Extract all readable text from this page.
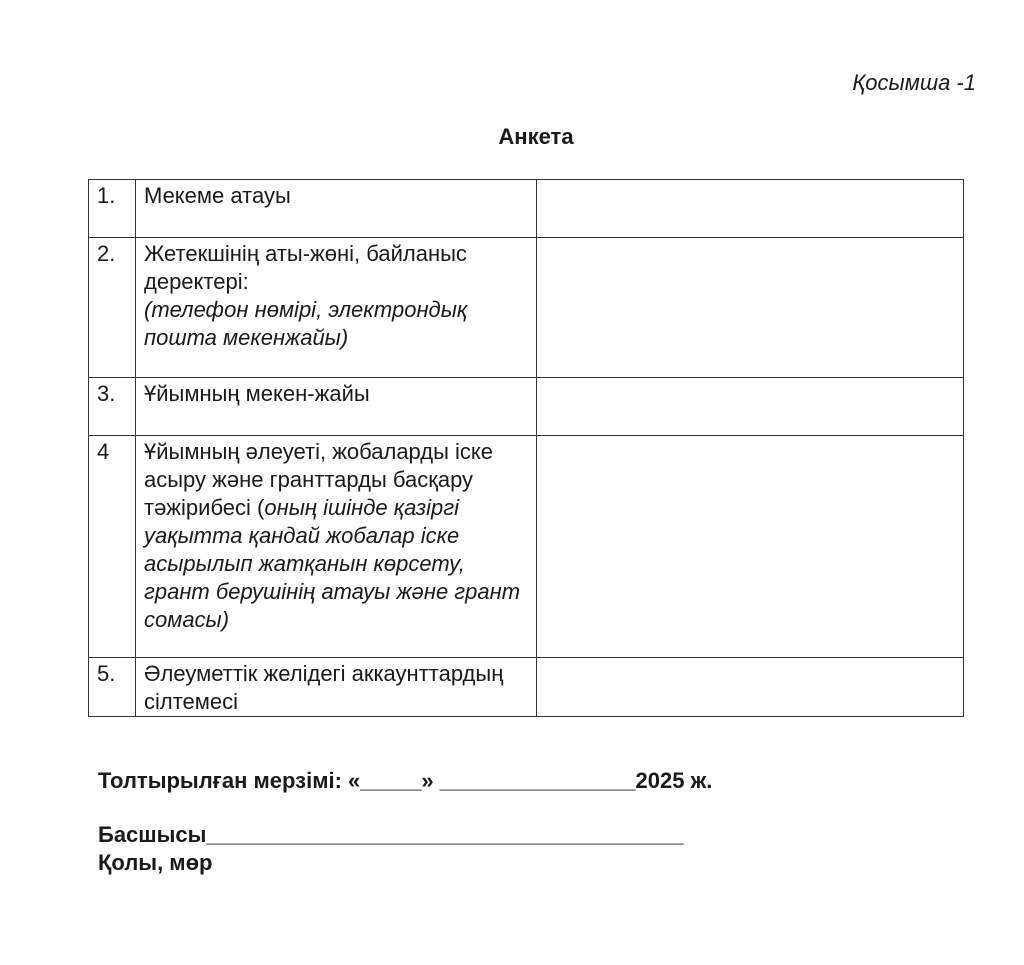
Қосымша -1
Анкета
1.	Мекеме атауы	
2.	Жетекшінің аты-жөні, байланыс деректері:
(телефон нөмірі, электрондық пошта мекенжайы)	
3.	Ұйымның мекен-жайы	
4	Ұйымның әлеуеті, жобаларды іске асыру және гранттарды басқару тәжірибесі (оның ішінде қазіргі уақытта қандай жобалар іске асырылып жатқанын көрсету, грант берушінің атауы және грант сомасы)	
5.	Әлеуметтік желідегі аккаунттардың сілтемесі	
Толтырылған мерзімі: «_____» ________________2025 ж.
Басшысы_______________________________________
Қолы, мөр
